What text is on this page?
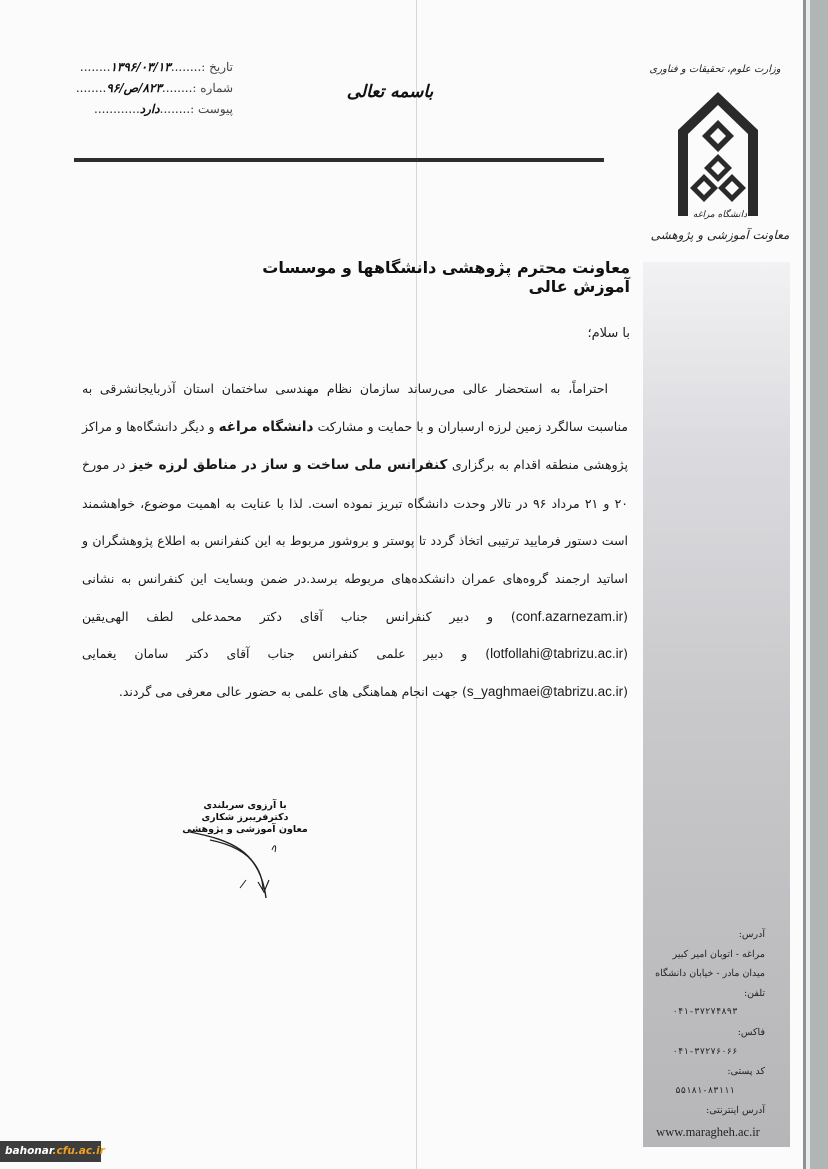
وزارت علوم، تحقیقات و فناوری
دانشگاه مراغه
معاونت آموزشی و پژوهشی
تاریخ :........۱۳۹۶/۰۳/۱۳........
شماره :........۸۲۳/ص/۹۶........
پیوست :........دارد............
باسمه تعالی
معاونت محترم پژوهشی دانشگاهها و موسسات آموزش عالی
با سلام؛
احتراماً، به استحضار عالی می‌رساند سازمان نظام مهندسی ساختمان استان آذربایجانشرقی به مناسبت سالگرد زمین لرزه ارسباران و با حمایت و مشارکت دانشگاه مراغه و دیگر دانشگاه‌ها و مراکز پژوهشی منطقه اقدام به برگزاری کنفرانس ملی ساخت و ساز در مناطق لرزه خیز در مورخ ۲۰ و ۲۱ مرداد ۹۶ در تالار وحدت دانشگاه تبریز نموده است. لذا با عنایت به اهمیت موضوع، خواهشمند است دستور فرمایید ترتیبی اتخاذ گردد تا پوستر و بروشور مربوط به این کنفرانس به اطلاع پژوهشگران و اساتید ارجمند گروه‌های عمران دانشکده‌های مربوطه برسد.در ضمن وبسایت این کنفرانس به نشانی (conf.azarnezam.ir) و دبیر کنفرانس جناب آقای دکتر محمدعلی لطف الهی‌یقین (lotfollahi@tabrizu.ac.ir) و دبیر علمی کنفرانس جناب آقای دکتر سامان یغمایی (s_yaghmaei@tabrizu.ac.ir) جهت انجام هماهنگی های علمی به حضور عالی معرفی می گردند.
با آرزوی سربلندی
دکترفریبرز شکاری
معاون آموزشی و پژوهشی
آدرس:
مراغه - اتوبان امیر کبیر
میدان مادر - خیابان دانشگاه
تلفن:
۰۴۱-۳۷۲۷۴۸۹۳
فاکس:
۰۴۱-۳۷۲۷۶۰۶۶
کد پستی:
۵۵۱۸۱-۸۳۱۱۱
آدرس اینترنتی:
www.maragheh.ac.ir
bahonar.cfu.ac.ir
